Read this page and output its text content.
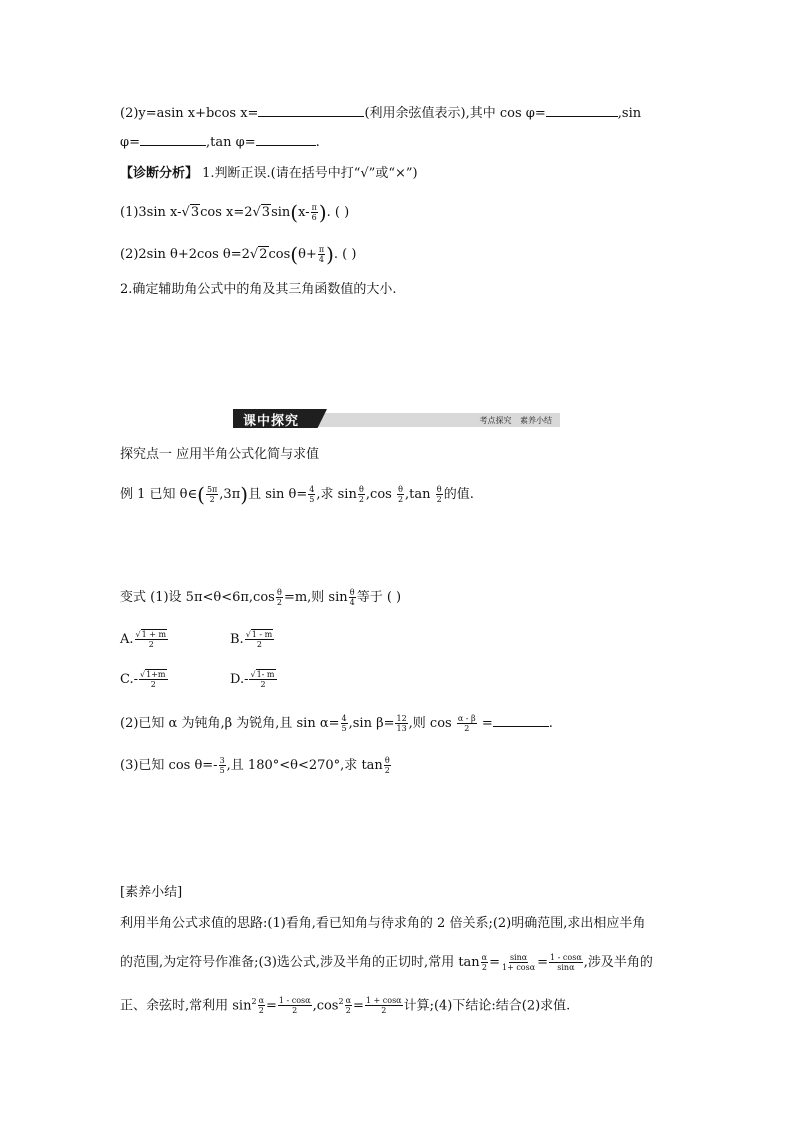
(2)y=asin x+bcos x=	(利用余弦值表示),其中 cos φ=	,sin
φ=	,tan φ=	.
【诊断分析】 1.判断正误.(请在括号中打“√”或“×”)
(1)3sin x-√3cos $x=2√3\sin(x- \frac{\pi}{6}$ ). ( )
(2)2sin θ+2cos $\theta=2√2\cos(\theta+ \frac{\pi}{4}$ ). ( )
2.确定辅助角公式中的角及其三角函数值的大小.
课中探究	考点探究 素养小结
探究点一 应用半角公式化简与求值
例 1 已知 θ∈( $\frac{5\pi}{2} ,3\pi$)且 $\sin \theta= \frac{4}{5}$ ,求 $\sin \frac{\theta}{2} ,\cos \frac{\theta}{2} ,\tan \frac{\theta}{2}$ 的值.
变式 (1)设 $5\pi<\theta<6\pi,\cos \frac{\theta}{2} =m$,则 $\sin \frac{\theta}{4}$ 等于 ( )
A. $\frac{√1 + m}{2}$	B. $\frac{√1 - m}{2}$
$C.- \frac{√1+m}{2}$	$D.- \frac{√1- m}{2}$
(2)已知 α 为钝角,β 为锐角,且 $\sin \alpha= \frac{4}{5} ,\sin$ $\beta= \frac{12}{13}$ ,则 $\cos \frac{\alpha - \beta}{2}$ =	.
(3)已知 $\cos \theta=- \frac{3}{5}$ ,且 180°<θ<270°,求 $\tan \frac{\theta}{2}$
[素养小结]
利用半角公式求值的思路:(1)看角,看已知角与待求角的 2 倍关系;(2)明确范围,求出相应半角
的范围,为定符号作准备;(3)选公式,涉及半角的正切时,常用 $\tan \frac{\alpha}{2} = \frac{\sin\alpha}{1+ \cos\alpha} = \frac{1 - \cos\alpha}{\sin\alpha}$ ,涉及半角的
正、余弦时,常利用 $\sin^2 \frac{\alpha}{2} = \frac{1 - \cos\alpha}{2} ,\cos^2 \frac{\alpha}{2} = \frac{1 + \cos\alpha}{2}$ 计算;(4)下结论:结合(2)求值.
